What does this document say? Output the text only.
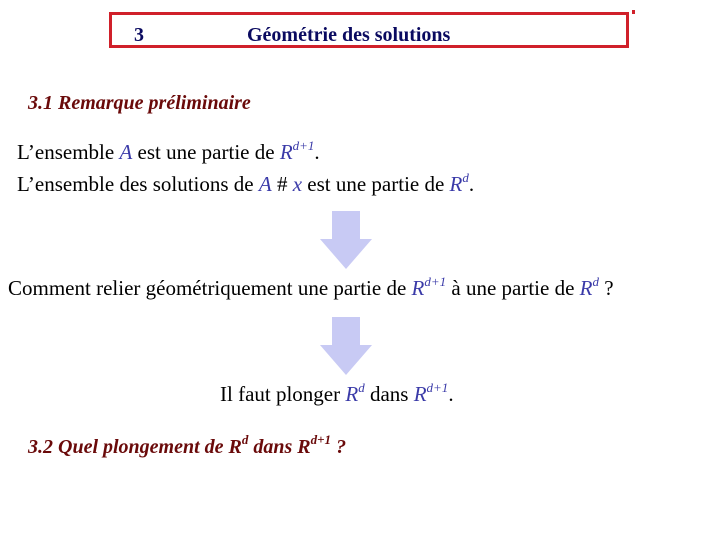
3	Géométrie des solutions
3.1 Remarque préliminaire
L’ensemble A est une partie de $R^{d+1}$.
L’ensemble des solutions de A # x est une partie de $R^d$.
Comment relier géométriquement une partie de $R^{d+1}$ à une partie de $R^d$ ?
Il faut plonger $R^d$ dans $R^{d+1}$.
3.2 Quel plongement de $R^d$ dans $R^{d+1}$ ?
